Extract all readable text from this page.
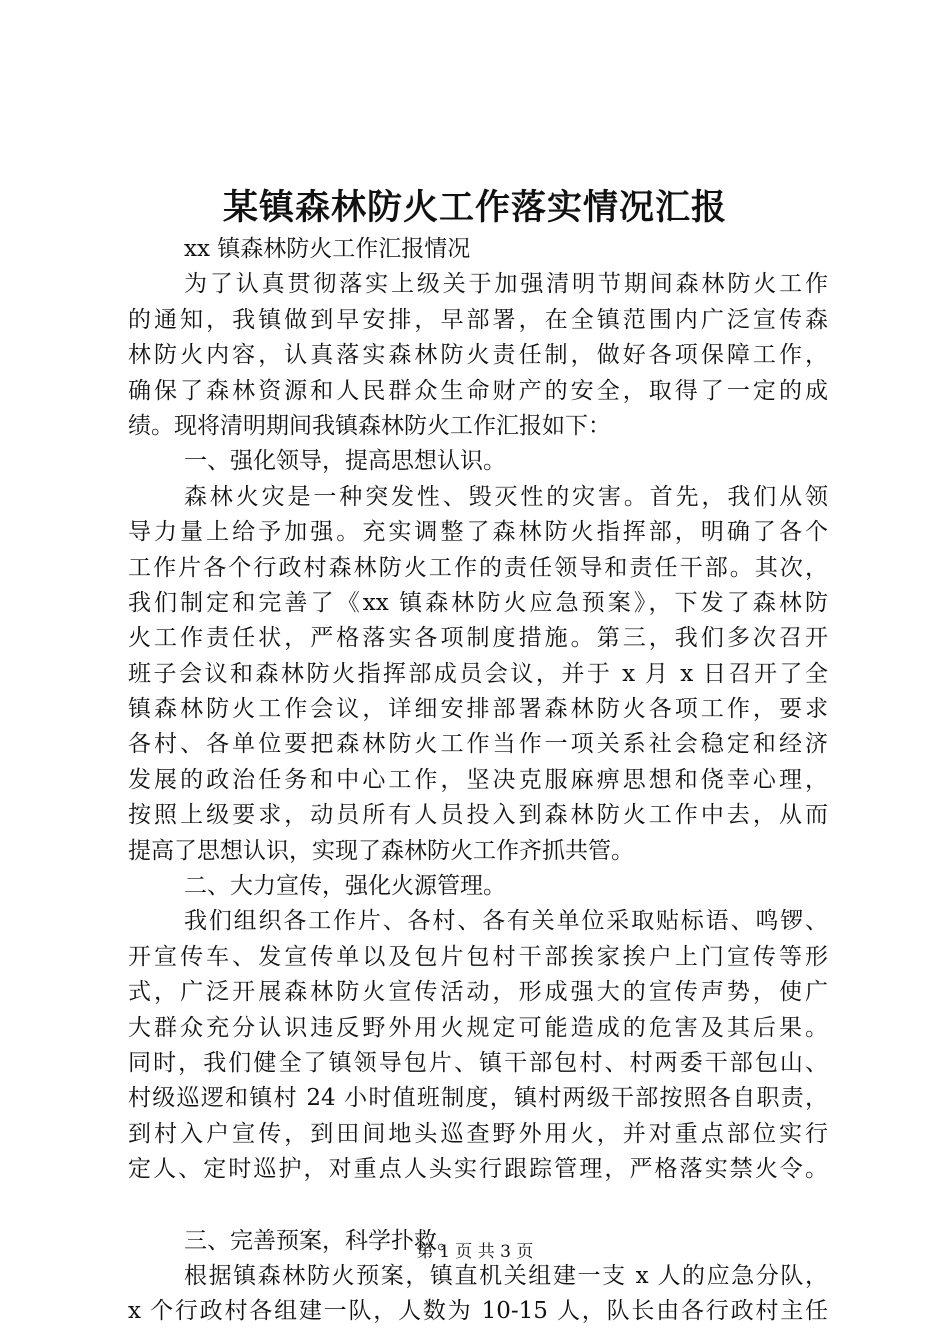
某镇森林防火工作落实情况汇报
xx 镇森林防火工作汇报情况
为了认真贯彻落实上级关于加强清明节期间森林防火工作
的通知，我镇做到早安排，早部署，在全镇范围内广泛宣传森
林防火内容，认真落实森林防火责任制，做好各项保障工作，
确保了森林资源和人民群众生命财产的安全，取得了一定的成
绩。现将清明期间我镇森林防火工作汇报如下：
一、强化领导，提高思想认识。
森林火灾是一种突发性、毁灭性的灾害。首先，我们从领
导力量上给予加强。充实调整了森林防火指挥部，明确了各个
工作片各个行政村森林防火工作的责任领导和责任干部。其次，
我们制定和完善了《xx 镇森林防火应急预案》，下发了森林防
火工作责任状，严格落实各项制度措施。第三，我们多次召开
班子会议和森林防火指挥部成员会议，并于 x 月 x 日召开了全
镇森林防火工作会议，详细安排部署森林防火各项工作，要求
各村、各单位要把森林防火工作当作一项关系社会稳定和经济
发展的政治任务和中心工作，坚决克服麻痹思想和侥幸心理，
按照上级要求，动员所有人员投入到森林防火工作中去，从而
提高了思想认识，实现了森林防火工作齐抓共管。
二、大力宣传，强化火源管理。
我们组织各工作片、各村、各有关单位采取贴标语、鸣锣、
开宣传车、发宣传单以及包片包村干部挨家挨户上门宣传等形
式，广泛开展森林防火宣传活动，形成强大的宣传声势，使广
大群众充分认识违反野外用火规定可能造成的危害及其后果。
同时，我们健全了镇领导包片、镇干部包村、村两委干部包山、
村级巡逻和镇村 24 小时值班制度，镇村两级干部按照各自职责，
到村入户宣传，到田间地头巡查野外用火，并对重点部位实行
定人、定时巡护，对重点人头实行跟踪管理，严格落实禁火令。
三、完善预案，科学扑救。
根据镇森林防火预案，镇直机关组建一支 x 人的应急分队，
x 个行政村各组建一队，人数为 10-15 人，队长由各行政村主任
第 1 页 共 3 页
